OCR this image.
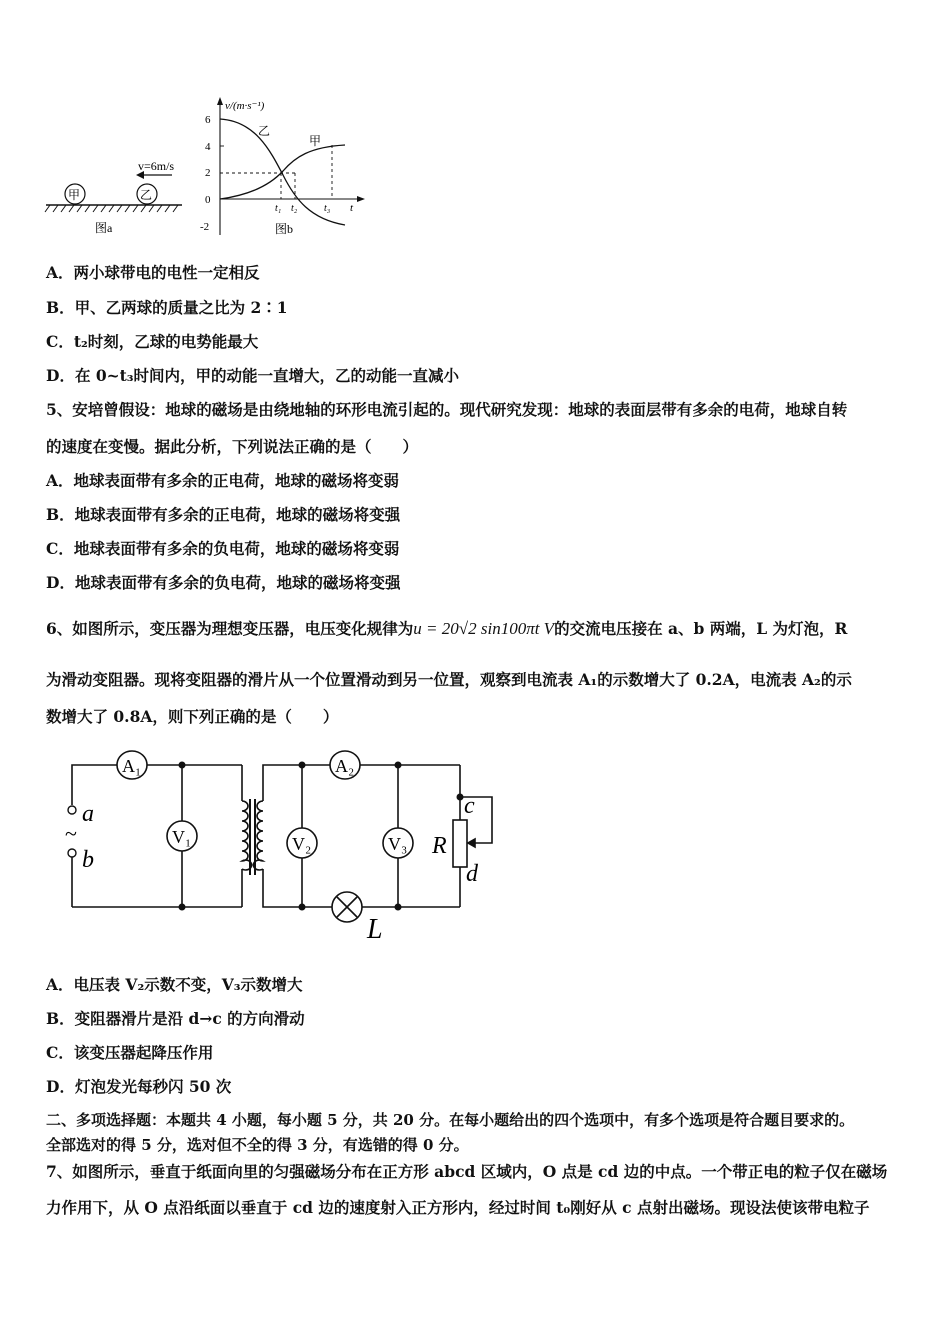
v=6m/s
甲	乙
图a
v/(m·s⁻¹)
6
4
2
0
-2
乙
甲
t₁ t₂	t₃ t
图b
A．两小球带电的电性一定相反
B．甲、乙两球的质量之比为 2∶1
C．t₂时刻，乙球的电势能最大
D．在 0~t₃时间内，甲的动能一直增大，乙的动能一直减小
5、安培曾假设：地球的磁场是由绕地轴的环形电流引起的。现代研究发现：地球的表面层带有多余的电荷，地球自转
的速度在变慢。据此分析，下列说法正确的是（　　）
A．地球表面带有多余的正电荷，地球的磁场将变弱
B．地球表面带有多余的正电荷，地球的磁场将变强
C．地球表面带有多余的负电荷，地球的磁场将变弱
D．地球表面带有多余的负电荷，地球的磁场将变强
6、如图所示，变压器为理想变压器，电压变化规律为u = 20√2 sin100πt V的交流电压接在 a、b 两端，L 为灯泡，R
为滑动变阻器。现将变阻器的滑片从一个位置滑动到另一位置，观察到电流表 A₁的示数增大了 0.2A，电流表 A₂的示
数增大了 0.8A，则下列正确的是（　　）
a
~
b
A₁
V₁
A₂
V₂	V₃ R
c
d
L
A．电压表 V₂示数不变，V₃示数增大
B．变阻器滑片是沿 d→c 的方向滑动
C．该变压器起降压作用
D．灯泡发光每秒闪 50 次
二、多项选择题：本题共 4 小题，每小题 5 分，共 20 分。在每小题给出的四个选项中，有多个选项是符合题目要求的。
全部选对的得 5 分，选对但不全的得 3 分，有选错的得 0 分。
7、如图所示，垂直于纸面向里的匀强磁场分布在正方形 abcd 区域内，O 点是 cd 边的中点。一个带正电的粒子仅在磁场
力作用下，从 O 点沿纸面以垂直于 cd 边的速度射入正方形内，经过时间 t₀刚好从 c 点射出磁场。现设法使该带电粒子
